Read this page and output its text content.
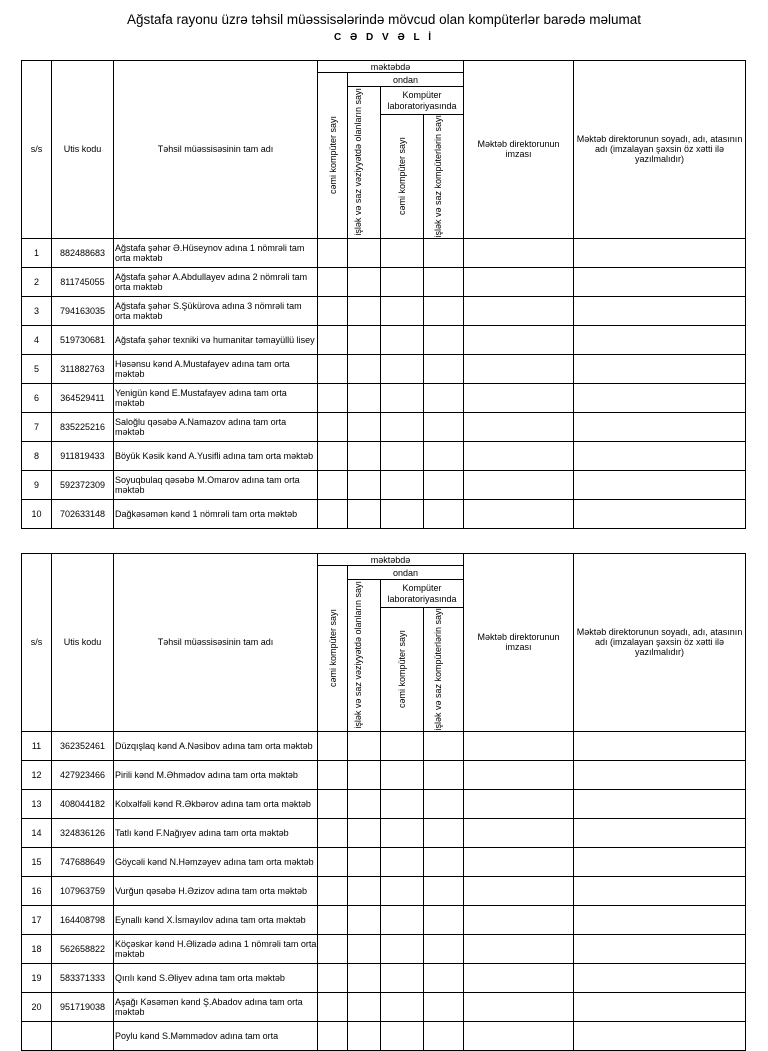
Ağstafa rayonu üzrə təhsil müəssisələrində mövcud olan kompüterlər barədə məlumat
C Ə D V Ə L İ
s/s	Utis kodu	Təhsil müəssisəsinin tam adı	məktəbdə				Məktəb direktorunun imzası	Məktəb direktorunun soyadı, adı, atasının adı (imzalayan şəxsin öz xətti ilə yazılmalıdır)

			cəmi kompüter sayı	ondan				

				işlək və saz vəziyyətdə olanların sayı	Kompüter laboratoriyasında			

					cəmi kompüter sayı	işlək və saz kompüterlərin sayı		

1	882488683	Ağstafa şəhər Ə.Hüseynov adına 1 nömrəli tam orta məktəb						
2	811745055	Ağstafa şəhər A.Abdullayev adına 2 nömrəli tam orta məktəb						
3	794163035	Ağstafa şəhər S.Şükürova adına 3 nömrəli tam orta məktəb						
4	519730681	Ağstafa şəhər texniki və humanitar təmayüllü lisey						
5	311882763	Həsənsu kənd A.Mustafayev adına tam orta məktəb						
6	364529411	Yenigün kənd E.Mustafayev adına tam orta məktəb						
7	835225216	Saloğlu qəsəbə A.Namazov adına tam orta məktəb						
8	911819433	Böyük Kəsik kənd A.Yusifli adına tam orta məktəb						
9	592372309	Soyuqbulaq qəsəbə M.Omarov adına tam orta məktəb						
10	702633148	Dağkəsəmən kənd 1 nömrəli tam orta məktəb						
s/s	Utis kodu	Təhsil müəssisəsinin tam adı	məktəbdə				Məktəb direktorunun imzası	Məktəb direktorunun soyadı, adı, atasının adı (imzalayan şəxsin öz xətti ilə yazılmalıdır)

			cəmi kompüter sayı	ondan				

				işlək və saz vəziyyətdə olanların sayı	Kompüter laboratoriyasında			

					cəmi kompüter sayı	işlək və saz kompüterlərin sayı		

11	362352461	Düzqışlaq kənd A.Nəsibov adına tam orta məktəb						
12	427923466	Pirili kənd M.Əhmədov adına tam orta məktəb						
13	408044182	Kolxəlfəli kənd R.Əkbərov adına tam orta məktəb						
14	324836126	Tatlı kənd F.Nağıyev adına tam orta məktəb						
15	747688649	Göycəli kənd N.Həmzəyev adına tam orta məktəb						
16	107963759	Vurğun qəsəbə H.Əzizov adına tam orta məktəb						
17	164408798	Eynallı kənd X.İsmayılov adına tam orta məktəb						
18	562658822	Köçəskər kənd H.Əlizadə adına 1 nömrəli tam orta məktəb						
19	583371333	Qırılı kənd S.Əliyev adına tam orta məktəb						
20	951719038	Aşağı Kəsəmən kənd Ş.Abadov adına tam orta məktəb						
		Poylu kənd S.Məmmədov adına tam orta						
